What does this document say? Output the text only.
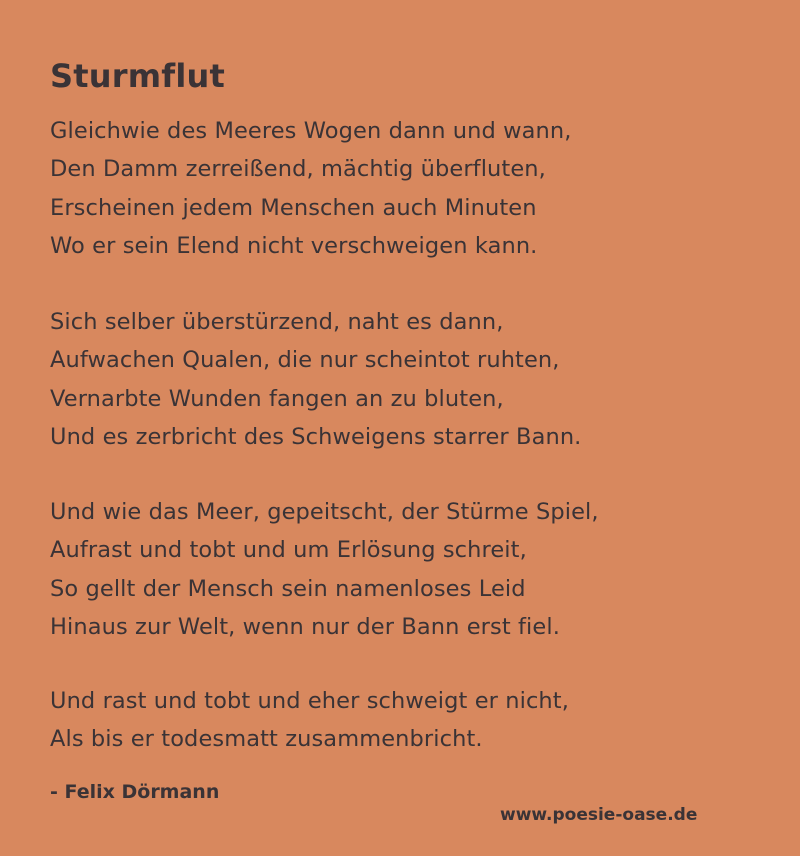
Sturmflut
Gleichwie des Meeres Wogen dann und wann,
Den Damm zerreißend, mächtig überfluten,
Erscheinen jedem Menschen auch Minuten
Wo er sein Elend nicht verschweigen kann.
Sich selber überstürzend, naht es dann,
Aufwachen Qualen, die nur scheintot ruhten,
Vernarbte Wunden fangen an zu bluten,
Und es zerbricht des Schweigens starrer Bann.
Und wie das Meer, gepeitscht, der Stürme Spiel,
Aufrast und tobt und um Erlösung schreit,
So gellt der Mensch sein namenloses Leid
Hinaus zur Welt, wenn nur der Bann erst fiel.
Und rast und tobt und eher schweigt er nicht,
Als bis er todesmatt zusammenbricht.

- Felix Dörmann

www.poesie-oase.de
